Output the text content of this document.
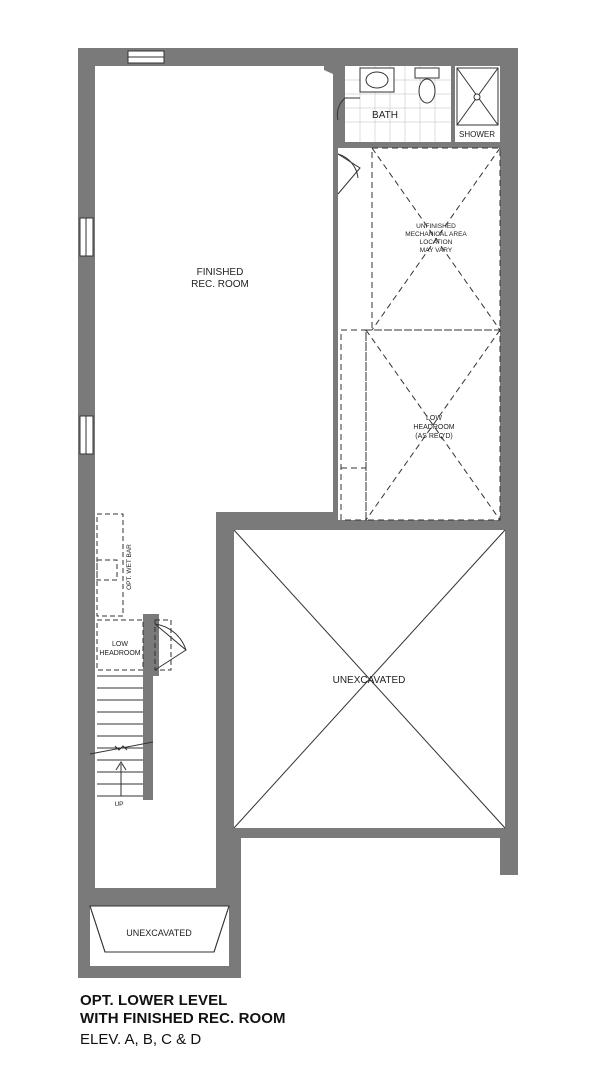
FINISHED REC. ROOM
BATH
SHOWER
UNFINISHED MECHANICAL AREA LOCATION MAY VARY
LOW HEADROOM (AS REQ'D)
UNEXCAVATED
UNEXCAVATED
OPT. WET BAR
LOW HEADROOM
UP
OPT. LOWER LEVEL
WITH FINISHED REC. ROOM
ELEV. A, B, C & D
